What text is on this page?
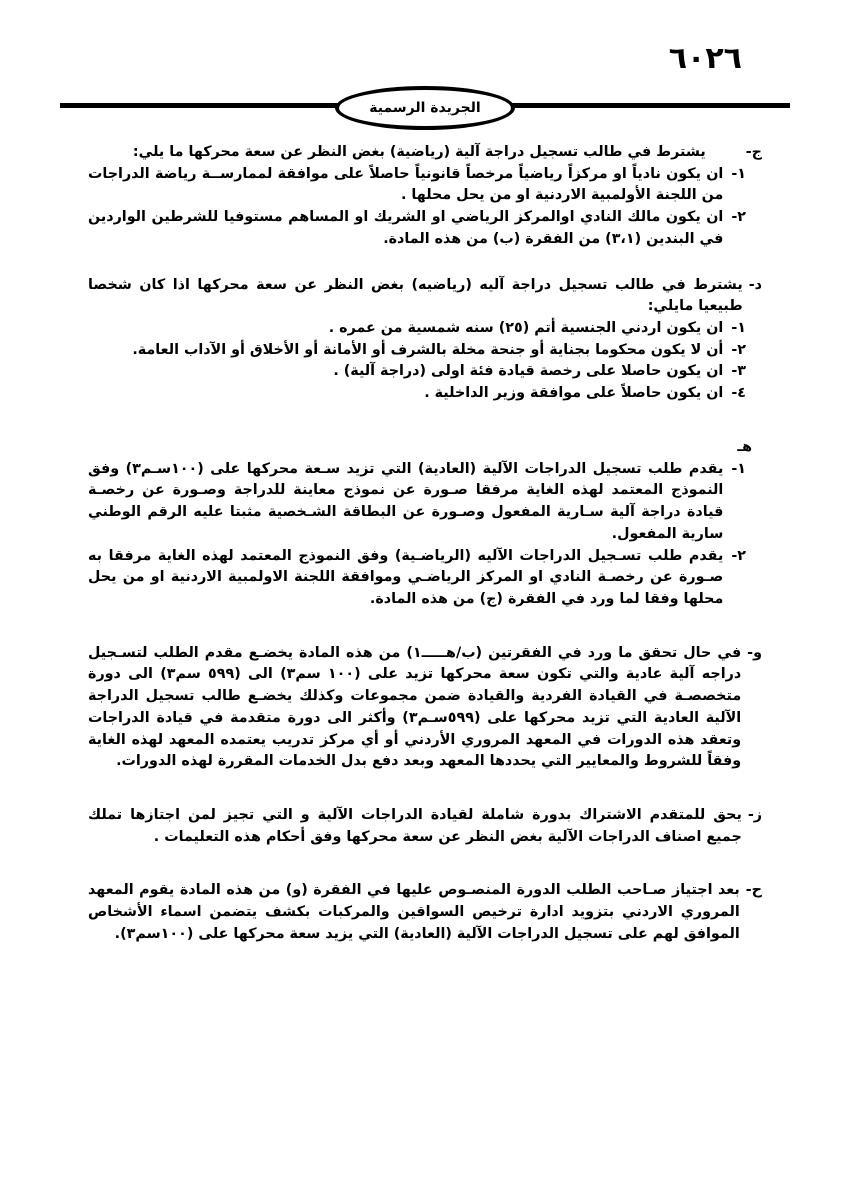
٦٠٢٦
الجريدة الرسمية
ج-
يشترط في طالب تسجيل دراجة آلية (رياضية) بغض النظر عن سعة محركها ما يلي:
١-
ان يكون نادياً او مركزاً رياضياً مرخصاً قانونياً حاصلاً على موافقة لممارســة رياضة الدراجات من اللجنة الأولمبية الاردنية او من يحل محلها .
٢-
ان يكون مالك النادي اوالمركز الرياضي او الشريك او المساهم مستوفيا للشرطين الواردين في البندين (٣،١) من الفقرة (ب) من هذه المادة.
د-
يشترط في طالب تسجيل دراجة آليه (رياضيه) بغض النظر عن سعة محركها اذا كان شخصا طبيعيا مايلي:
١-
ان يكون اردني الجنسية أتم (٢٥) سنه شمسية من عمره .
٢-
أن لا يكون محكوما بجناية أو جنحة مخلة بالشرف أو الأمانة أو الأخلاق أو الآداب العامة.
٣-
ان يكون حاصلا على رخصة قيادة فئة اولى (دراجة آلية) .
٤-
ان يكون حاصلاً على موافقة وزير الداخلية .
هـ
١-
يقدم طلب تسجيل الدراجات الآلية (العادية) التي تزيد سـعة محركها على (١٠٠سـم٣) وفق النموذج المعتمد لهذه الغاية مرفقا صـورة عن نموذج معاينة للدراجة وصـورة عن رخصـة قيادة دراجة آلية سـارية المفعول وصـورة عن البطاقة الشـخصية مثبتا عليه الرقم الوطني سارية المفعول.
٢-
يقدم طلب تسـجيل الدراجات الآليه (الرياضـية) وفق النموذج المعتمد لهذه الغاية مرفقا به صـورة عن رخصـة النادي او المركز الرياضـي وموافقة اللجنة الاولمبية الاردنية او من يحل محلها وفقا لما ورد في الفقرة (ج) من هذه المادة.
و-
في حال تحقق ما ورد في الفقرتين (ب/هـــــ١) من هذه المادة يخضـع مقدم الطلب لتسـجيل دراجه آلية عادية والتي تكون سعة محركها تزيد على (١٠٠ سم٣) الى (٥٩٩ سم٣) الى دورة متخصصـة في القيادة الفردية والقيادة ضمن مجموعات وكذلك يخضـع طالب تسجيل الدراجة الآلية العادية التي تزيد محركها على (٥٩٩سـم٣) وأكثر الى دورة متقدمة في قيادة الدراجات وتعقد هذه الدورات في المعهد المروري الأردني أو أي مركز تدريب يعتمده المعهد لهذه الغاية وفقاً للشروط والمعايير التي يحددها المعهد وبعد دفع بدل الخدمات المقررة لهذه الدورات.
ز-
يحق للمتقدم الاشتراك بدورة شاملة لقيادة الدراجات الآلية و التي تجيز لمن اجتازها تملك جميع اصناف الدراجات الآلية بغض النظر عن سعة محركها وفق أحكام هذه التعليمات .
ح-
بعد اجتياز صـاحب الطلب الدورة المنصـوص عليها في الفقرة (و) من هذه المادة يقوم المعهد المروري الاردني بتزويد ادارة ترخيص السواقين والمركبات بكشف يتضمن اسماء الأشخاص الموافق لهم على تسجيل الدراجات الآلية (العادية) التي يزيد سعة محركها على (١٠٠سم٣).
